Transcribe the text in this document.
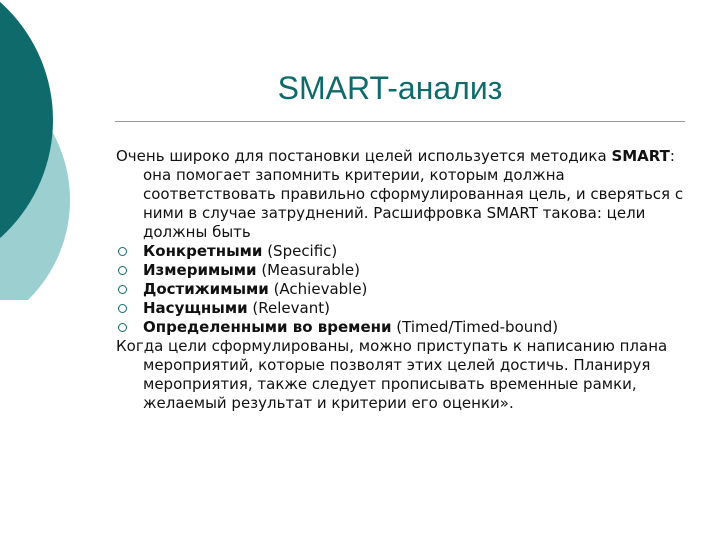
SMART-анализ

Очень широко для постановки целей используется методика SMART: она помогает запомнить критерии, которым должна соответствовать правильно сформулированная цель, и сверяться с ними в случае затруднений. Расшифровка SMART такова: цели должны быть

Конкретными (Specific)
Измеримыми (Measurable)
Достижимыми (Achievable)
Насущными (Relevant)
Определенными во времени (Timed/Timed-bound)

Когда цели сформулированы, можно приступать к написанию плана мероприятий, которые позволят этих целей достичь. Планируя мероприятия, также следует прописывать временные рамки, желаемый результат и критерии его оценки».
